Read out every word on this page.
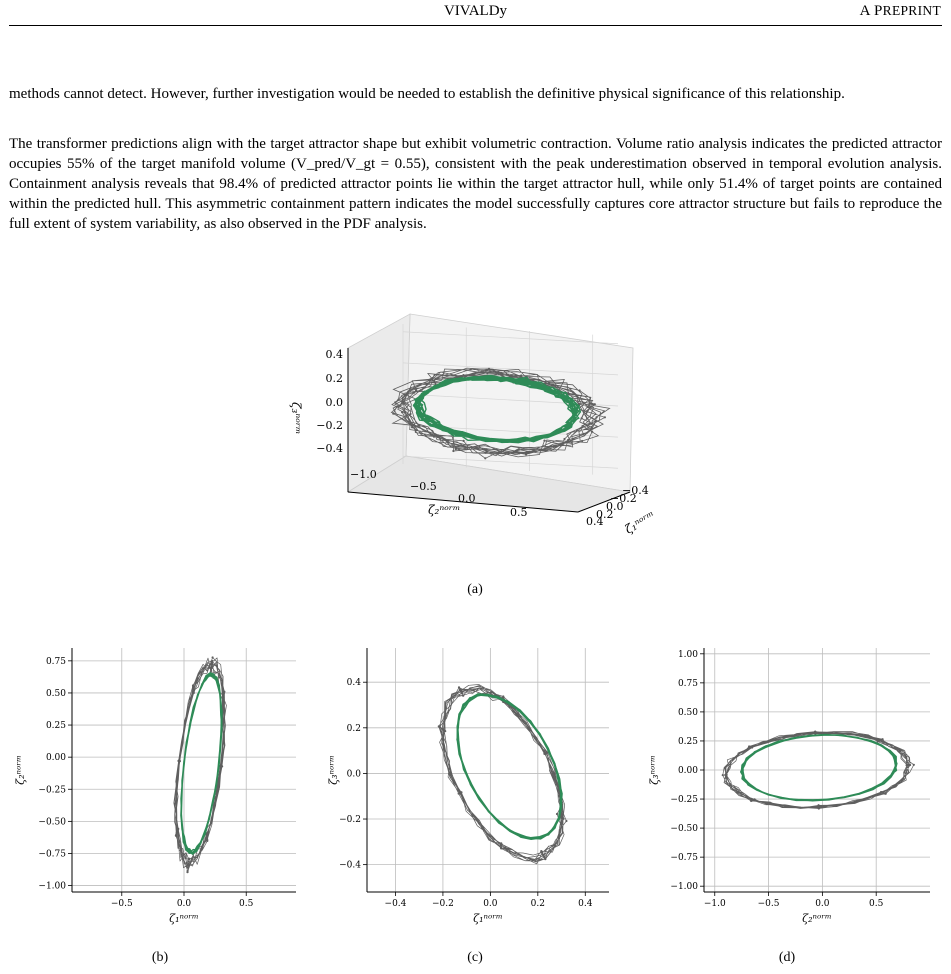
VIVALDy	A PREPRINT

methods cannot detect. However, further investigation would be needed to establish the definitive physical significance of this relationship.

The transformer predictions align with the target attractor shape but exhibit volumetric contraction. Volume ratio analysis indicates the predicted attractor occupies 55% of the target manifold volume (V_pred/V_gt = 0.55), consistent with the peak underestimation observed in temporal evolution analysis. Containment analysis reveals that 98.4% of predicted attractor points lie within the target attractor hull, while only 51.4% of target points are contained within the predicted hull. This asymmetric containment pattern indicates the model successfully captures core attractor structure but fails to reproduce the full extent of system variability, as also observed in the PDF analysis.

0.4
0.2
0.0
−0.2
−0.4
ζ₃ⁿᵒʳᵐ
−1.0
−0.5
0.0
0.5
ζ₂ⁿᵒʳᵐ
−0.4
−0.2
0.0
0.2
0.4 ζ₁ⁿᵒʳᵐ
(a)
−0.5	0.0	0.5
0.75
0.50
0.25
0.00
−0.25
−0.50
−0.75
−1.00
ζ₁ⁿᵒʳᵐ
ζ₂ⁿᵒʳᵐ
(b)
−0.4	−0.2	0.0	0.2	0.4
0.4
0.2
0.0
−0.2
−0.4
ζ₁ⁿᵒʳᵐ
ζ₃ⁿᵒʳᵐ
(c)
−1.0	−0.5	0.0	0.5
1.00
0.75
0.50
0.25
0.00
−0.25
−0.50
−0.75
−1.00
ζ₂ⁿᵒʳᵐ
ζ₃ⁿᵒʳᵐ
(d)
